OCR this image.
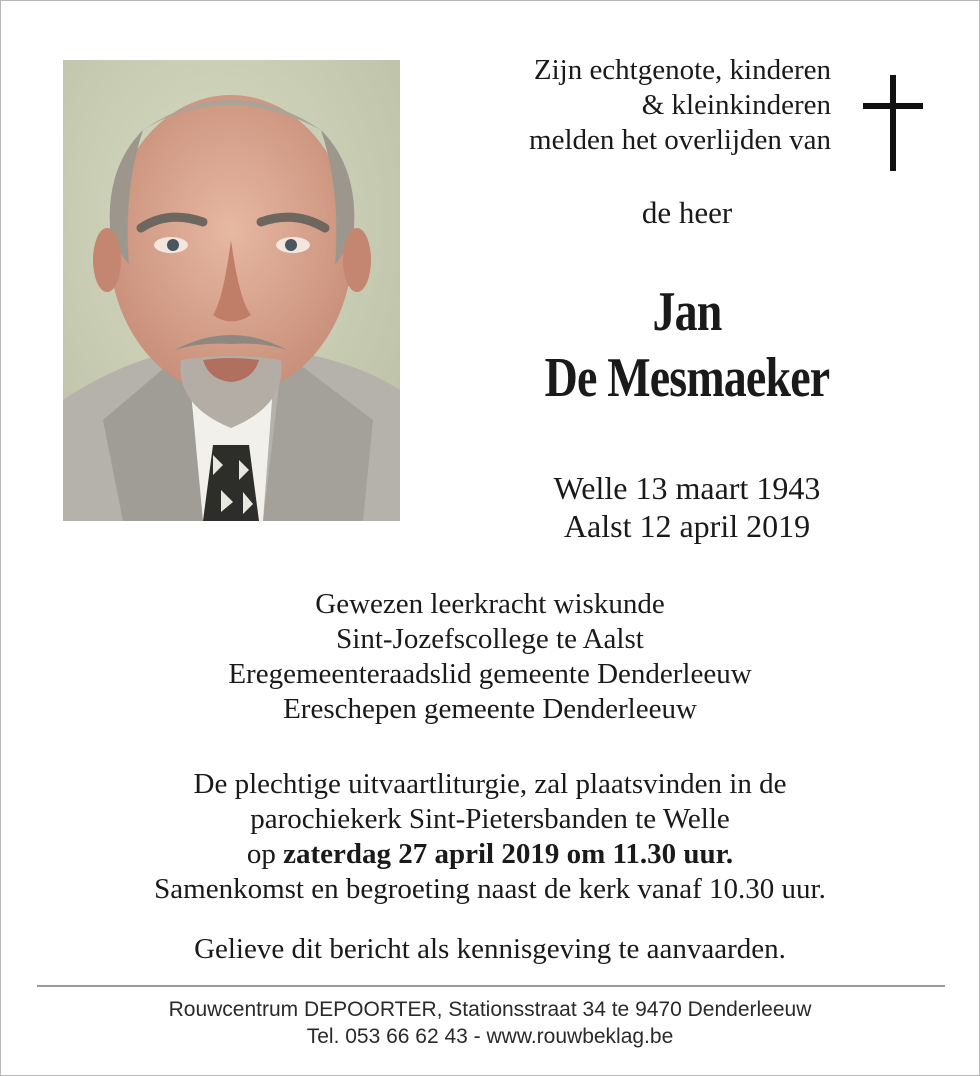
Zijn echtgenote, kinderen
& kleinkinderen
melden het overlijden van
de heer
Jan
De Mesmaeker
Welle 13 maart 1943
Aalst 12 april 2019
Gewezen leerkracht wiskunde
Sint-Jozefscollege te Aalst
Eregemeenteraadslid gemeente Denderleeuw
Ereschepen gemeente Denderleeuw
De plechtige uitvaartliturgie, zal plaatsvinden in de
parochiekerk Sint-Pietersbanden te Welle
op zaterdag 27 april 2019 om 11.30 uur.
Samenkomst en begroeting naast de kerk vanaf 10.30 uur.
Gelieve dit bericht als kennisgeving te aanvaarden.
Rouwcentrum DEPOORTER, Stationsstraat 34 te 9470 Denderleeuw
Tel. 053 66 62 43 - www.rouwbeklag.be
